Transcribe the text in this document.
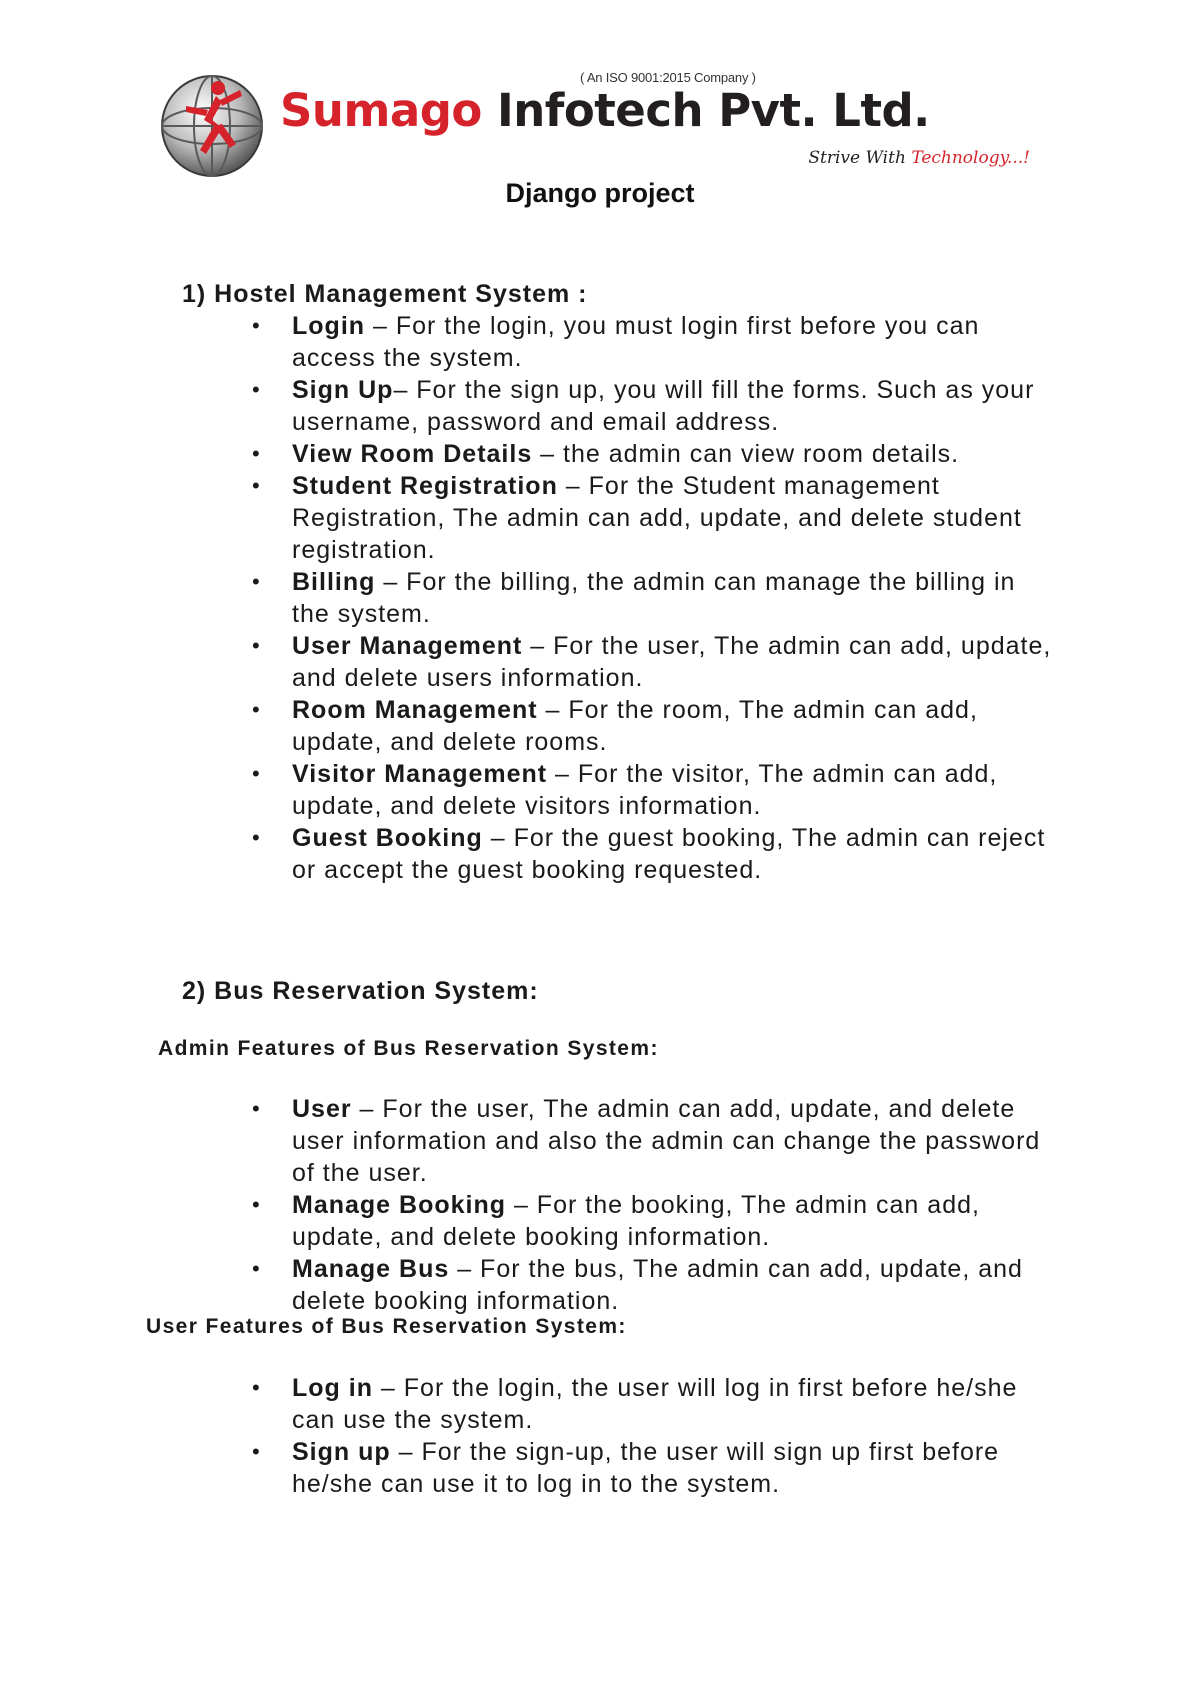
( An ISO 9001:2015 Company )
Sumago Infotech Pvt. Ltd.
Strive With Technology...!
Django project
1) Hostel Management System :
• Login – For the login, you must login first before you can access the system.
• Sign Up– For the sign up, you will fill the forms. Such as your username, password and email address.
• View Room Details – the admin can view room details.
• Student Registration – For the Student management Registration, The admin can add, update, and delete student registration.
• Billing – For the billing, the admin can manage the billing in the system.
• User Management – For the user, The admin can add, update, and delete users information.
• Room Management – For the room, The admin can add, update, and delete rooms.
• Visitor Management – For the visitor, The admin can add, update, and delete visitors information.
• Guest Booking – For the guest booking, The admin can reject or accept the guest booking requested.
2) Bus Reservation System:
Admin Features of Bus Reservation System:
• User – For the user, The admin can add, update, and delete user information and also the admin can change the password of the user.
• Manage Booking – For the booking, The admin can add, update, and delete booking information.
• Manage Bus – For the bus, The admin can add, update, and delete booking information.
User Features of Bus Reservation System:
• Log in – For the login, the user will log in first before he/she can use the system.
• Sign up – For the sign-up, the user will sign up first before he/she can use it to log in to the system.
